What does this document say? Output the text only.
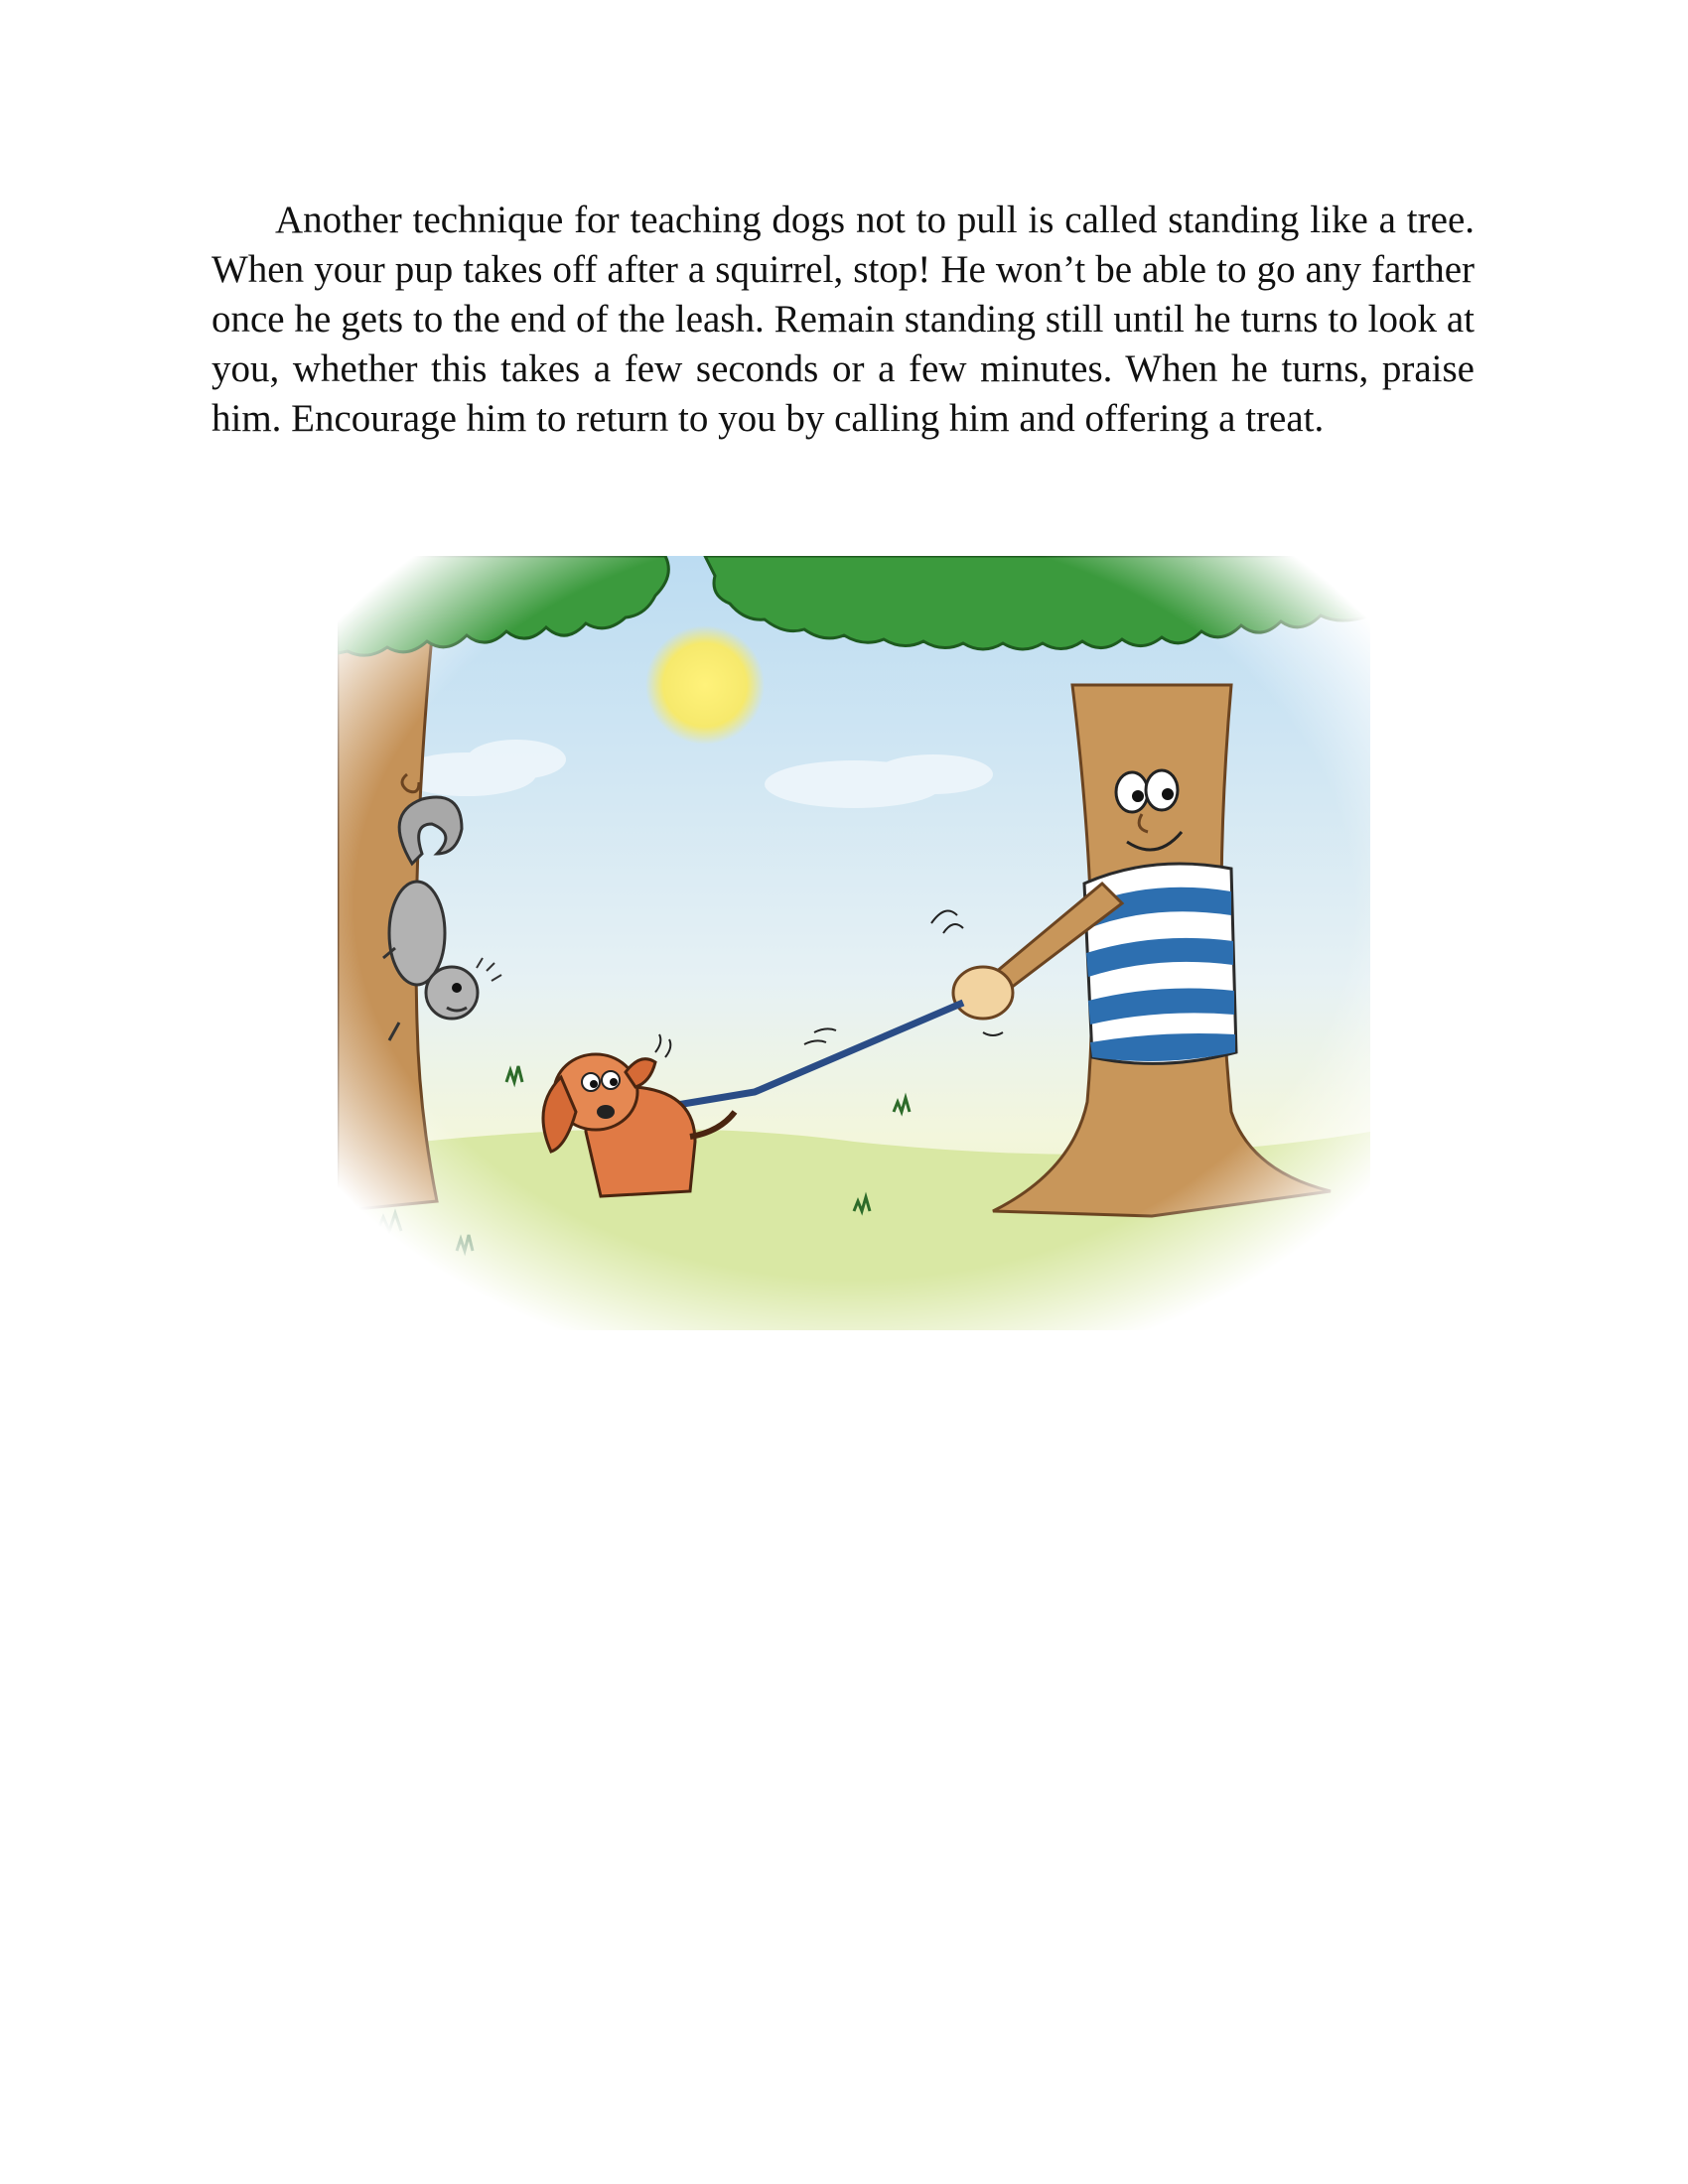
Another technique for teaching dogs not to pull is called standing like a tree. When your pup takes off after a squirrel, stop! He won’t be able to go any farther once he gets to the end of the leash. Remain standing still until he turns to look at you, whether this takes a few seconds or a few minutes. When he turns, praise him. Encourage him to return to you by calling him and offering a treat.
